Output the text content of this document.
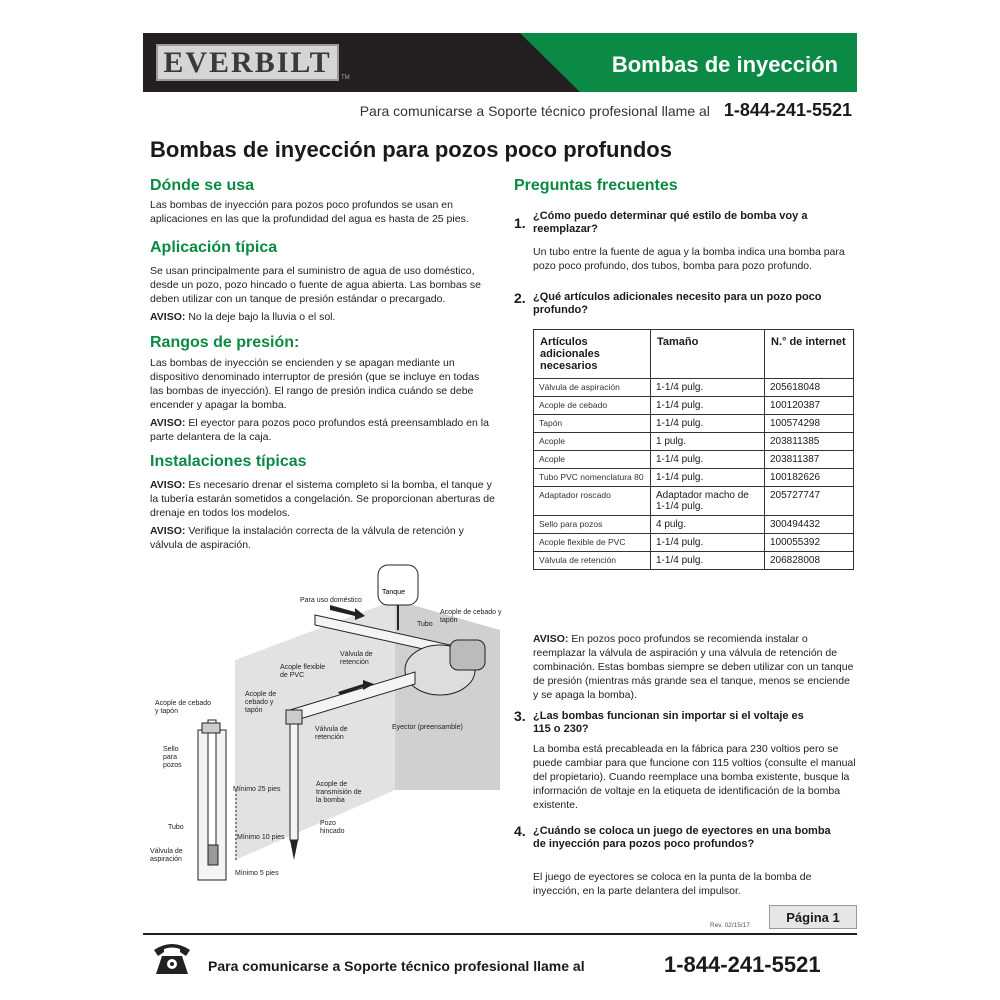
EVERBILT	TM
Bombas de inyección
Para comunicarse a Soporte técnico profesional llame al 1-844-241-5521
Bombas de inyección para pozos poco profundos
Dónde se usa
Las bombas de inyección para pozos poco profundos se usan en aplicaciones en las que la profundidad del agua es hasta de 25 pies.
Aplicación típica
Se usan principalmente para el suministro de agua de uso doméstico, desde un pozo, pozo hincado o fuente de agua abierta. Las bombas se deben utilizar con un tanque de presión estándar o precargado.
AVISO: No la deje bajo la lluvia o el sol.
Rangos de presión:
Las bombas de inyección se encienden y se apagan mediante un dispositivo denominado interruptor de presión (que se incluye en todas las bombas de inyección). El rango de presión indica cuándo se debe encender y apagar la bomba.
AVISO: El eyector para pozos poco profundos está preensamblado en la parte delantera de la caja.
Instalaciones típicas
AVISO: Es necesario drenar el sistema completo si la bomba, el tanque y la tubería estarán sometidos a congelación. Se proporcionan aberturas de drenaje en todos los modelos.
AVISO: Verifique la instalación correcta de la válvula de retención y válvula de aspiración.
Tanque
Para uso doméstico
Acople de cebado y tapón
Tubo
Válvula de retención
Acople flexible de PVC
Acople de cebado y tapón
Acople de cebado y tapón
Válvula de retención
Eyector (preensamble)
Sello para pozos
Mínimo 25 pies
Acople de transmisión de la bomba
Tubo
Pozo hincado
Mínimo 10 pies
Válvula de aspiración
Mínimo 5 pies
Preguntas frecuentes
1. ¿Cómo puedo determinar qué estilo de bomba voy a reemplazar?
Un tubo entre la fuente de agua y la bomba indica una bomba para pozo poco profundo, dos tubos, bomba para pozo profundo.
2. ¿Qué artículos adicionales necesito para un pozo poco profundo?
Artículos adicionales necesarios	Tamaño	N.° de internet
Válvula de aspiración	1-1/4 pulg.	205618048
Acople de cebado	1-1/4 pulg.	100120387
Tapón	1-1/4 pulg.	100574298
Acople	1 pulg.	203811385
Acople	1-1/4 pulg.	203811387
Tubo PVC nomenclatura 80	1-1/4 pulg.	100182626
Adaptador roscado	Adaptador macho de 1-1/4 pulg.	205727747
Sello para pozos	4 pulg.	300494432
Acople flexible de PVC	1-1/4 pulg.	100055392
Válvula de retención	1-1/4 pulg.	206828008
AVISO: En pozos poco profundos se recomienda instalar o reemplazar la válvula de aspiración y una válvula de retención de combinación. Estas bombas siempre se deben utilizar con un tanque de presión (mientras más grande sea el tanque, menos se enciende y se apaga la bomba).
3. ¿Las bombas funcionan sin importar si el voltaje es 115 o 230?
La bomba está precableada en la fábrica para 230 voltios pero se puede cambiar para que funcione con 115 voltios (consulte el manual del propietario). Cuando reemplace una bomba existente, busque la información de voltaje en la etiqueta de identificación de la bomba existente.
4. ¿Cuándo se coloca un juego de eyectores en una bomba de inyección para pozos poco profundos?
El juego de eyectores se coloca en la punta de la bomba de inyección, en la parte delantera del impulsor.
Rev. 02/15/17
Página 1
Para comunicarse a Soporte técnico profesional llame al	1-844-241-5521
